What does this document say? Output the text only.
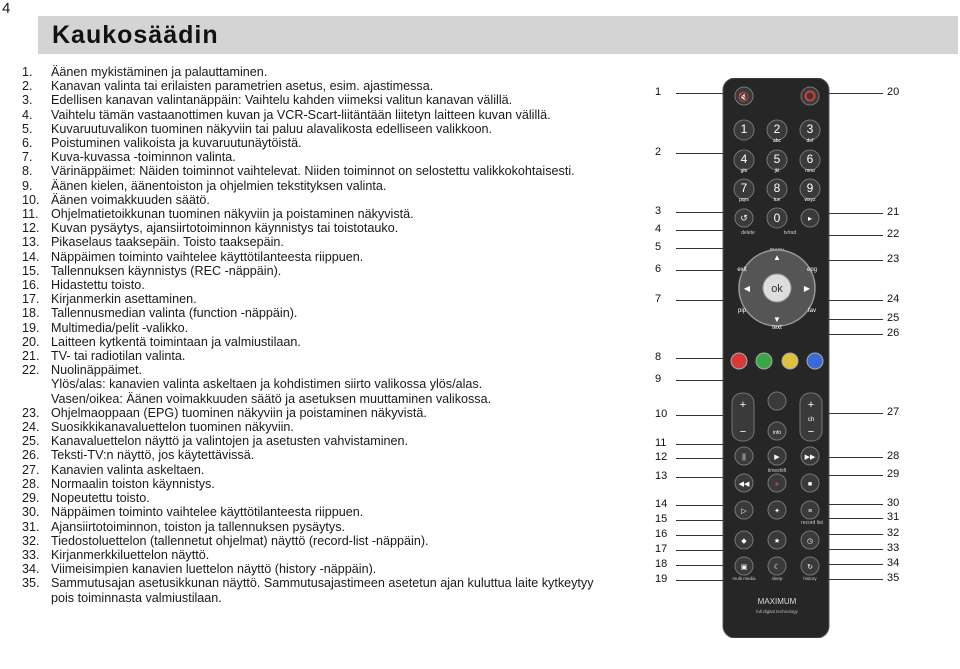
4
Kaukosäädin
1.	Äänen mykistäminen ja palauttaminen.
2.	Kanavan valinta tai erilaisten parametrien asetus, esim. ajastimessa.
3.	Edellisen kanavan valintanäppäin: Vaihtelu kahden viimeksi valitun kanavan välillä.
4.	Vaihtelu tämän vastaanottimen kuvan ja VCR-Scart-liitäntään liitetyn laitteen kuvan välillä.
5.	Kuvaruutuvalikon tuominen näkyviin tai paluu alavalikosta edelliseen valikkoon.
6.	Poistuminen valikoista ja kuvaruutunäytöistä.
7.	Kuva-kuvassa -toiminnon valinta.
8.	Värinäppäimet: Näiden toiminnot vaihtelevat. Niiden toiminnot on selostettu valikkokohtaisesti.
9.	Äänen kielen, äänentoiston ja ohjelmien tekstityksen valinta.
10. Äänen voimakkuuden säätö.
11. Ohjelmatietoikkunan tuominen näkyviin ja poistaminen näkyvistä.
12. Kuvan pysäytys, ajansiirtotoiminnon käynnistys tai toistotauko.
13. Pikaselaus taaksepäin. Toisto taaksepäin.
14. Näppäimen toiminto vaihtelee käyttötilanteesta riippuen.
15. Tallennuksen käynnistys (REC -näppäin).
16. Hidastettu toisto.
17. Kirjanmerkin asettaminen.
18. Tallennusmedian valinta (function -näppäin).
19. Multimedia/pelit -valikko.
20. Laitteen kytkentä toimintaan ja valmiustilaan.
21. TV- tai radiotilan valinta.
22. Nuolinäppäimet.
Ylös/alas: kanavien valinta askeltaen ja kohdistimen siirto valikossa ylös/alas.
Vasen/oikea: Äänen voimakkuuden säätö ja asetuksen muuttaminen valikossa.
23. Ohjelmaoppaan (EPG) tuominen näkyviin ja poistaminen näkyvistä.
24. Suosikkikanavaluettelon tuominen näkyviin.
25. Kanavaluettelon näyttö ja valintojen ja asetusten vahvistaminen.
26. Teksti-TV:n näyttö, jos käytettävissä.
27. Kanavien valinta askeltaen.
28. Normaalin toiston käynnistys.
29. Nopeutettu toisto.
30. Näppäimen toiminto vaihtelee käyttötilanteesta riippuen.
31. Ajansiirtotoiminnon, toiston ja tallennuksen pysäytys.
32. Tiedostoluettelon (tallennetut ohjelmat) näyttö (record-list -näppäin).
33. Kirjanmerkkiluettelon näyttö.
34. Viimeisimpien kanavien luettelon näyttö (history -näppäin).
35. Sammutusajan asetusikkunan näyttö. Sammutusajastimeen asetetun ajan kuluttua laite kytkeytyy pois toiminnasta valmiustilaan.
1
2
3
4
5
6
7
8
9
10
11
12
13
14
15
16
17
18
19
20
21
22
23
24
25
26
27
28
29
30
31
32
33
34
35
🔇
1 2
abc
3
def
4
ghi
5
jkl
6
mno
7
pqrs
8
tuv
9
wxyz
↺ 0	▸
delete	tv/rad
ok
▲
▼
◀	▶
exit	epg
pip	fav
text
+
−
+
−
ch
info
||	▶	▶▶
◀◀	●	■
▷	✦	≡
◆	★	◷
▣	☾	↻
timeshift
record list
multi media	history
sleep
MAXIMUM
full digital technology
